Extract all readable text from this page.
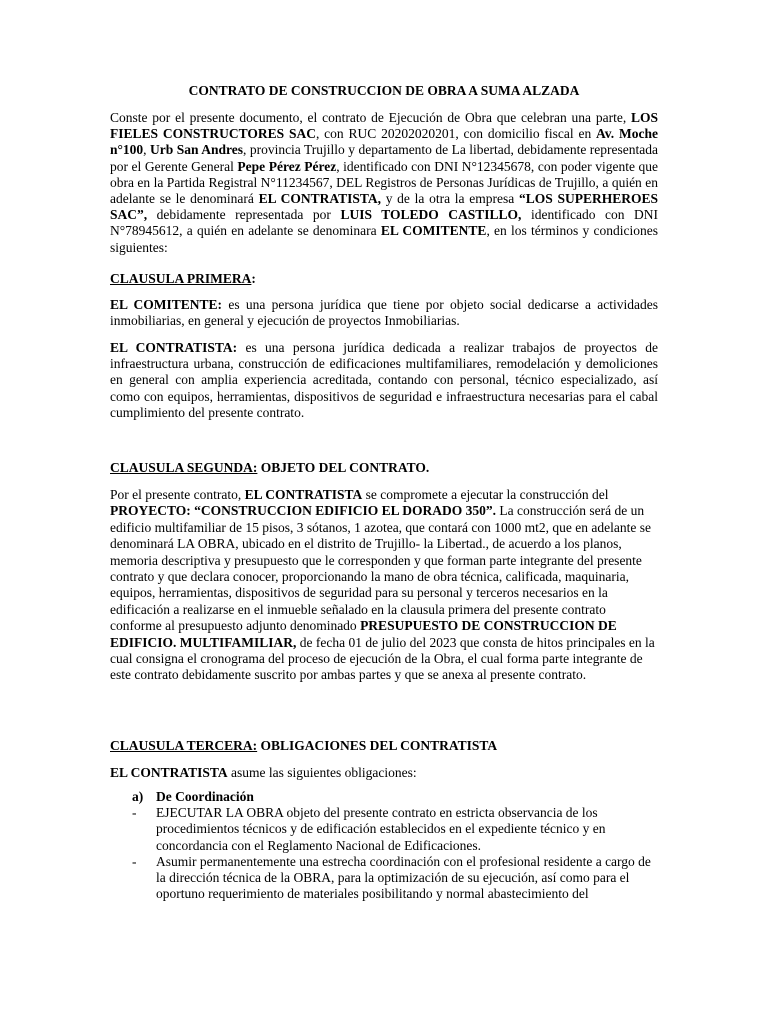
CONTRATO DE CONSTRUCCION DE OBRA A SUMA ALZADA
Conste por el presente documento, el contrato de Ejecución de Obra que celebran una parte, LOS FIELES CONSTRUCTORES SAC, con RUC 20202020201, con domicilio fiscal en Av. Moche n°100, Urb San Andres, provincia Trujillo y departamento de La libertad, debidamente representada por el Gerente General Pepe Pérez Pérez, identificado con DNI N°12345678, con poder vigente que obra en la Partida Registral N°11234567, DEL Registros de Personas Jurídicas de Trujillo, a quién en adelante se le denominará EL CONTRATISTA, y de la otra la empresa “LOS SUPERHEROES SAC”, debidamente representada por LUIS TOLEDO CASTILLO, identificado con DNI N°78945612, a quién en adelante se denominara EL COMITENTE, en los términos y condiciones siguientes:
CLAUSULA PRIMERA:
EL COMITENTE: es una persona jurídica que tiene por objeto social dedicarse a actividades inmobiliarias, en general y ejecución de proyectos Inmobiliarias.
EL CONTRATISTA: es una persona jurídica dedicada a realizar trabajos de proyectos de infraestructura urbana, construcción de edificaciones multifamiliares, remodelación y demoliciones en general con amplia experiencia acreditada, contando con personal, técnico especializado, así como con equipos, herramientas, dispositivos de seguridad e infraestructura necesarias para el cabal cumplimiento del presente contrato.
CLAUSULA SEGUNDA: OBJETO DEL CONTRATO.
Por el presente contrato, EL CONTRATISTA se compromete a ejecutar la construcción del PROYECTO: “CONSTRUCCION EDIFICIO EL DORADO 350”. La construcción será de un edificio multifamiliar de 15 pisos, 3 sótanos, 1 azotea, que contará con 1000 mt2, que en adelante se denominará LA OBRA, ubicado en el distrito de Trujillo- la Libertad., de acuerdo a los planos, memoria descriptiva y presupuesto que le corresponden y que forman parte integrante del presente contrato y que declara conocer, proporcionando la mano de obra técnica, calificada, maquinaria, equipos, herramientas, dispositivos de seguridad para su personal y terceros necesarios en la edificación a realizarse en el inmueble señalado en la clausula primera del presente contrato conforme al presupuesto adjunto denominado PRESUPUESTO DE CONSTRUCCION DE EDIFICIO. MULTIFAMILIAR, de fecha 01 de julio del 2023 que consta de hitos principales en la cual consigna el cronograma del proceso de ejecución de la Obra, el cual forma parte integrante de este contrato debidamente suscrito por ambas partes y que se anexa al presente contrato.
CLAUSULA TERCERA: OBLIGACIONES DEL CONTRATISTA
EL CONTRATISTA asume las siguientes obligaciones:
a) De Coordinación
-	EJECUTAR LA OBRA objeto del presente contrato en estricta observancia de los procedimientos técnicos y de edificación establecidos en el expediente técnico y en concordancia con el Reglamento Nacional de Edificaciones.
-	Asumir permanentemente una estrecha coordinación con el profesional residente a cargo de la dirección técnica de la OBRA, para la optimización de su ejecución, así como para el oportuno requerimiento de materiales posibilitando y normal abastecimiento del
